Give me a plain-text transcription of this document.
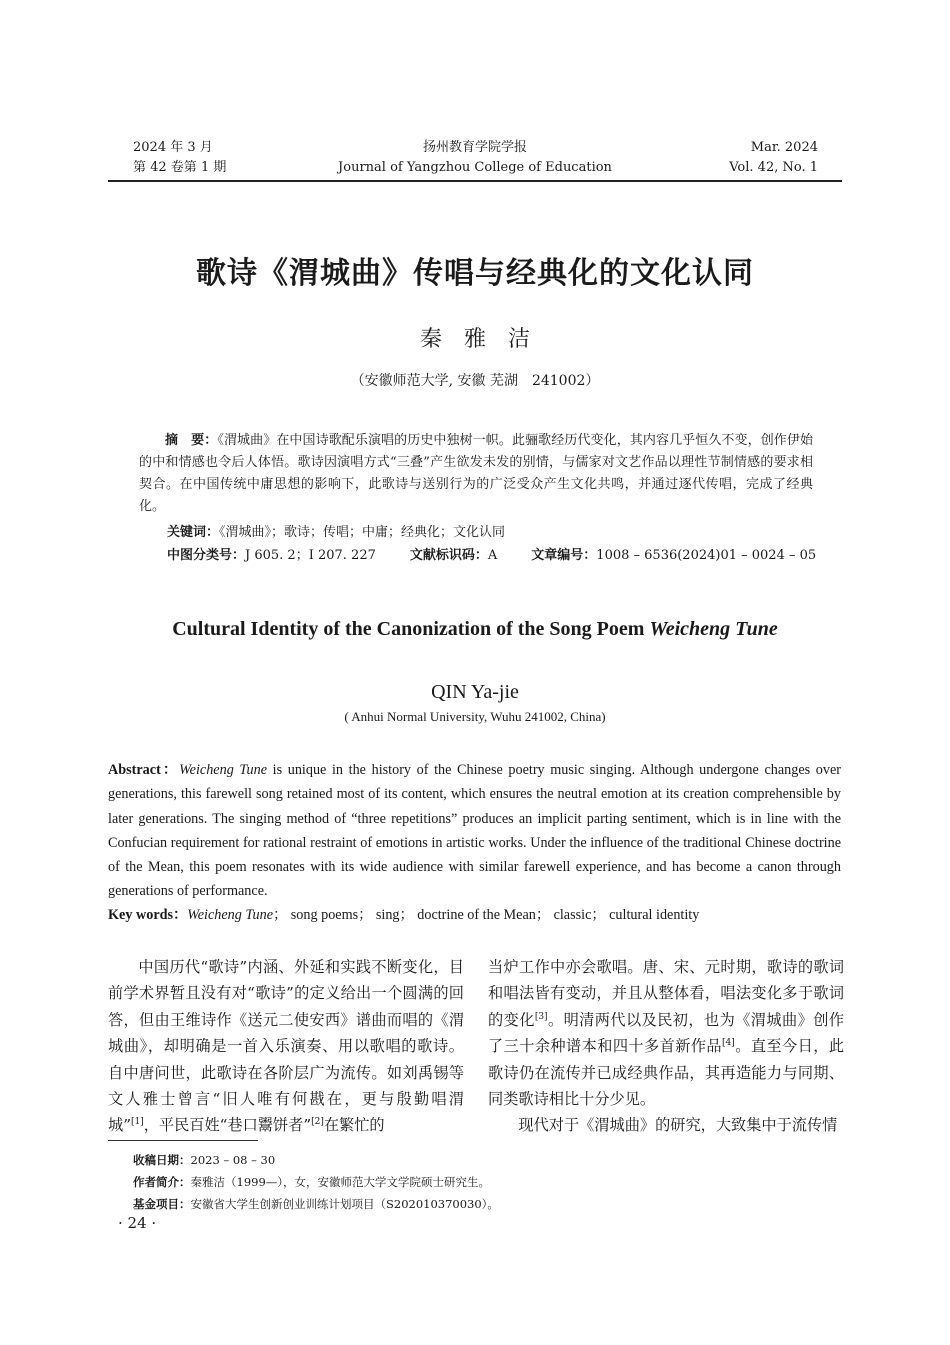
2024 年 3 月
第 42 卷第 1 期
扬州教育学院学报
Journal of Yangzhou College of Education
Mar. 2024
Vol. 42, No. 1
歌诗《渭城曲》传唱与经典化的文化认同
秦　雅　洁
（安徽师范大学, 安徽 芜湖　241002）
摘　要：《渭城曲》在中国诗歌配乐演唱的历史中独树一帜。此骊歌经历代变化，其内容几乎恒久不变，创作伊始的中和情感也令后人体悟。歌诗因演唱方式“三叠”产生欲发未发的别情，与儒家对文艺作品以理性节制情感的要求相契合。在中国传统中庸思想的影响下，此歌诗与送别行为的广泛受众产生文化共鸣，并通过逐代传唱，完成了经典化。
关键词：《渭城曲》；歌诗；传唱；中庸；经典化；文化认同
中图分类号：J 605. 2；I 207. 227	文献标识码：A	文章编号：1008 – 6536(2024)01 – 0024 – 05
Cultural Identity of the Canonization of the Song Poem Weicheng Tune
QIN Ya-jie
( Anhui Normal University, Wuhu 241002, China)
Abstract：Weicheng Tune is unique in the history of the Chinese poetry music singing. Although undergone changes over generations, this farewell song retained most of its content, which ensures the neutral emotion at its creation comprehensible by later generations. The singing method of “three repetitions” produces an implicit parting sentiment, which is in line with the Confucian requirement for rational restraint of emotions in artistic works. Under the influence of the traditional Chinese doctrine of the Mean, this poem resonates with its wide audience with similar farewell experience, and has become a canon through generations of performance.
Key words：Weicheng Tune； song poems； sing； doctrine of the Mean； classic； cultural identity
中国历代“歌诗”内涵、外延和实践不断变化，目前学术界暂且没有对“歌诗”的定义给出一个圆满的回答，但由王维诗作《送元二使安西》谱曲而唱的《渭城曲》，却明确是一首入乐演奏、用以歌唱的歌诗。自中唐问世，此歌诗在各阶层广为流传。如刘禹锡等文人雅士曾言“旧人唯有何戡在，更与殷勤唱渭城”[1]，平民百姓“巷口鬻饼者”[2]在繁忙的
当炉工作中亦会歌唱。唐、宋、元时期，歌诗的歌词和唱法皆有变动，并且从整体看，唱法变化多于歌词的变化[3]。明清两代以及民初，也为《渭城曲》创作了三十余种谱本和四十多首新作品[4]。直至今日，此歌诗仍在流传并已成经典作品，其再造能力与同期、同类歌诗相比十分少见。
现代对于《渭城曲》的研究，大致集中于流传情
收稿日期：2023 – 08 – 30
作者简介：秦雅洁（1999—），女，安徽师范大学文学院硕士研究生。
基金项目：安徽省大学生创新创业训练计划项目（S202010370030）。
· 24 ·
